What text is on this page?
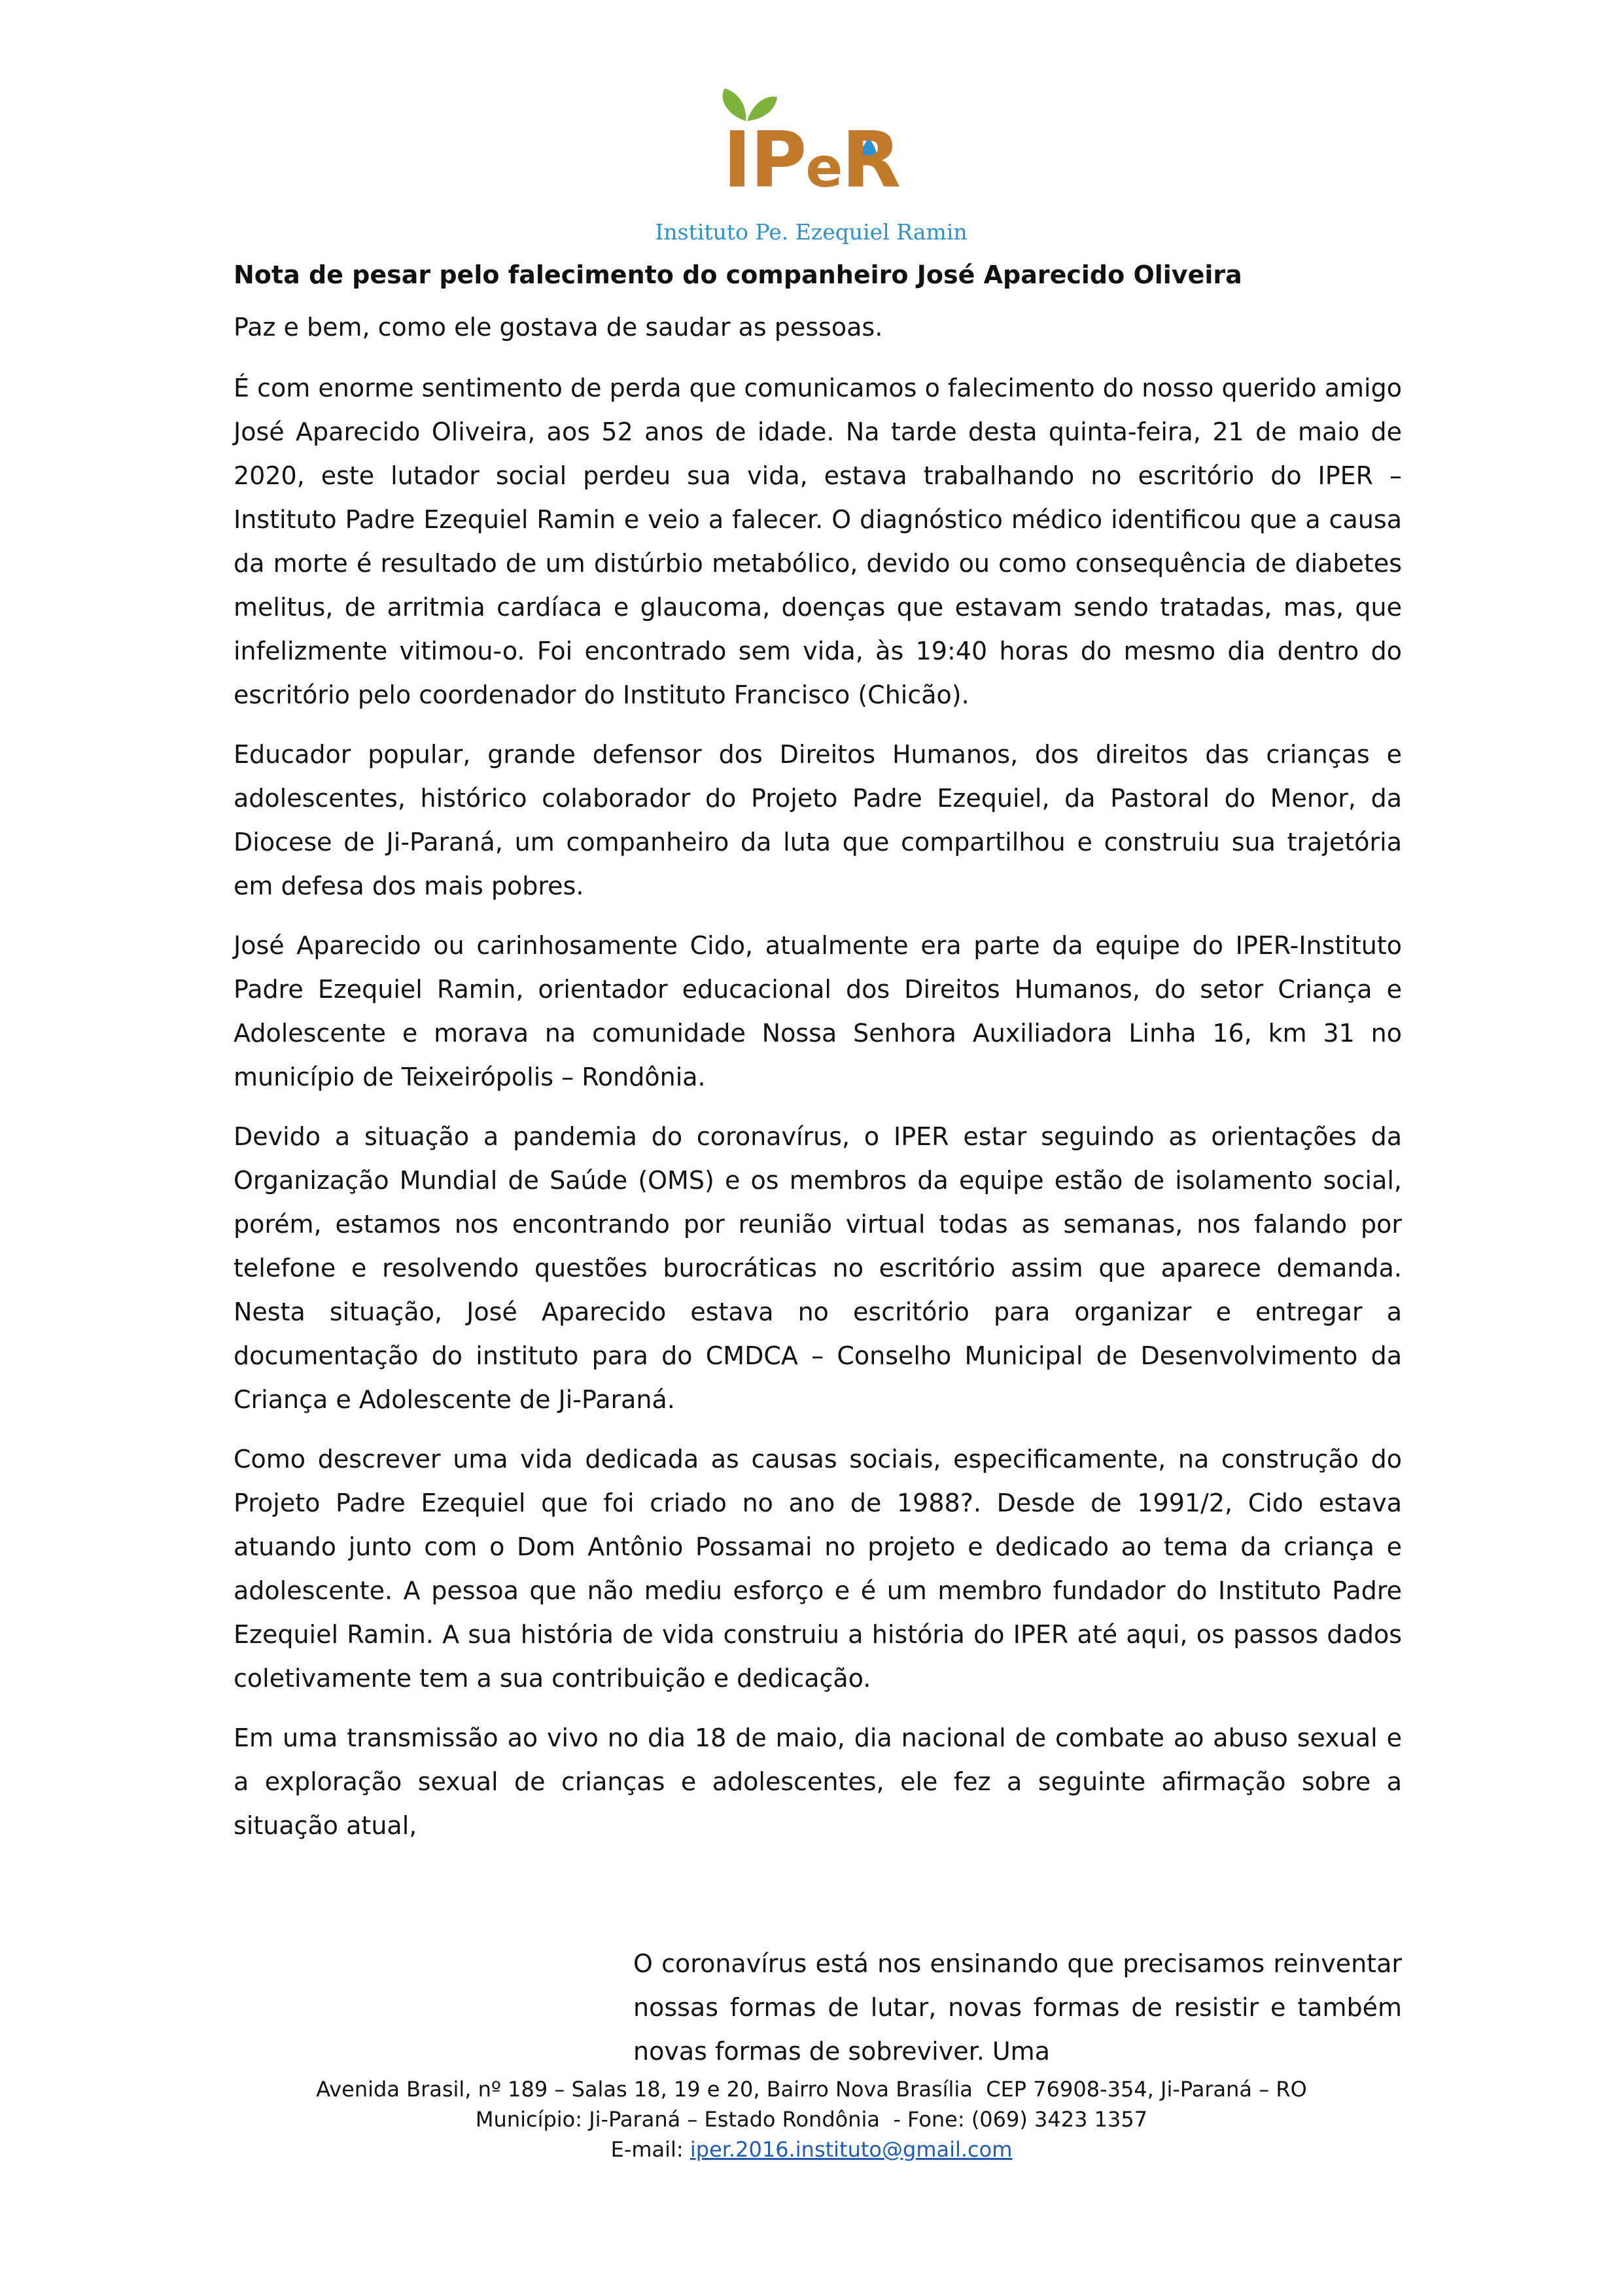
IPeR
Instituto Pe. Ezequiel Ramin
Nota de pesar pelo falecimento do companheiro José Aparecido Oliveira

Paz e bem, como ele gostava de saudar as pessoas.

É com enorme sentimento de perda que comunicamos o falecimento do nosso querido amigo José Aparecido Oliveira, aos 52 anos de idade. Na tarde desta quinta-feira, 21 de maio de 2020, este lutador social perdeu sua vida, estava trabalhando no escritório do IPER – Instituto Padre Ezequiel Ramin e veio a falecer. O diagnóstico médico identificou que a causa da morte é resultado de um distúrbio metabólico, devido ou como consequência de diabetes melitus, de arritmia cardíaca e glaucoma, doenças que estavam sendo tratadas, mas, que infelizmente vitimou-o. Foi encontrado sem vida, às 19:40 horas do mesmo dia dentro do escritório pelo coordenador do Instituto Francisco (Chicão).

Educador popular, grande defensor dos Direitos Humanos, dos direitos das crianças e adolescentes, histórico colaborador do Projeto Padre Ezequiel, da Pastoral do Menor, da Diocese de Ji-Paraná, um companheiro da luta que compartilhou e construiu sua trajetória em defesa dos mais pobres.

José Aparecido ou carinhosamente Cido, atualmente era parte da equipe do IPER-Instituto Padre Ezequiel Ramin, orientador educacional dos Direitos Humanos, do setor Criança e Adolescente e morava na comunidade Nossa Senhora Auxiliadora Linha 16, km 31 no município de Teixeirópolis – Rondônia.

Devido a situação a pandemia do coronavírus, o IPER estar seguindo as orientações da Organização Mundial de Saúde (OMS) e os membros da equipe estão de isolamento social, porém, estamos nos encontrando por reunião virtual todas as semanas, nos falando por telefone e resolvendo questões burocráticas no escritório assim que aparece demanda. Nesta situação, José Aparecido estava no escritório para organizar e entregar a documentação do instituto para do CMDCA – Conselho Municipal de Desenvolvimento da Criança e Adolescente de Ji-Paraná.

Como descrever uma vida dedicada as causas sociais, especificamente, na construção do Projeto Padre Ezequiel que foi criado no ano de 1988?. Desde de 1991/2, Cido estava atuando junto com o Dom Antônio Possamai no projeto e dedicado ao tema da criança e adolescente. A pessoa que não mediu esforço e é um membro fundador do Instituto Padre Ezequiel Ramin. A sua história de vida construiu a história do IPER até aqui, os passos dados coletivamente tem a sua contribuição e dedicação.

Em uma transmissão ao vivo no dia 18 de maio, dia nacional de combate ao abuso sexual e a exploração sexual de crianças e adolescentes, ele fez a seguinte afirmação sobre a situação atual,

O coronavírus está nos ensinando que precisamos reinventar nossas formas de lutar, novas formas de resistir e também novas formas de sobreviver. Uma
Avenida Brasil, nº 189 – Salas 18, 19 e 20, Bairro Nova Brasília  CEP 76908-354, Ji-Paraná – RO
Município: Ji-Paraná – Estado Rondônia  - Fone: (069) 3423 1357
E-mail: iper.2016.instituto@gmail.com
